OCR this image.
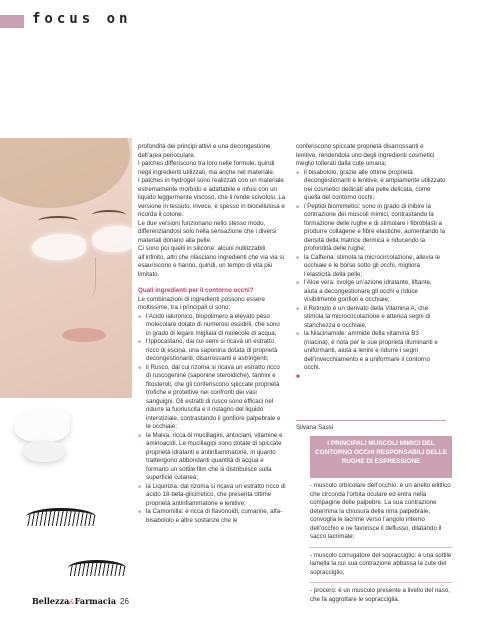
focus on

profondità dei principi attivi e una decongestione dell’area perioculare.

I patches differiscono tra loro nelle formule, quindi negli ingredienti utilizzati, ma anche nel materiale.

I patches in hydrogel sono realizzati con un materiale estremamente morbido e adattabile e infusi con un liquido leggermente viscoso, che li rende scivolosi. La versione in tessuto, invece, è spesso in biocellulosa e ricorda il cotone.

Le due versioni funzionano nello stesso modo, differenziandosi solo nella sensazione che i diversi materiali donano alla pelle.

Ci sono poi quelli in silicone: alcuni riutilizzabili all’infinito, altri che rilasciano ingredienti che via via si esauriscono e hanno, quindi, un tempo di vita più limitato.

Quali ingredienti per il contorno occhi?

Le combinazioni di ingredienti possono essere moltissime, tra i principali ci sono:

■ l’Acido ialuronico, biopolimero a elevato peso molecolare dotato di numerosi ossidrili, che sono in grado di legare migliaia di molecole di acqua;
■ l’Ippocastano, dai cui semi si ricava un estratto ricco di escina, una saponina dotata di proprietà decongestionanti, disarrossanti e astringenti;
■ il Rusco, dal cui rizoma si ricava un estratto ricco di ruscogenine (saponine steroidiche), tannini e fitosteroli, che gli conferiscono spiccate proprietà trofiche e protettive nei confronti dei vasi sanguigni. Gli estratti di rusco sono efficaci nel ridurre la fuoriuscita e il ristagno del liquido interstiziale, contrastando il gonfiore palpebrale e le occhiaie;
■ la Malva, ricca di mucillagini, antociani, vitamine e aminoacidi. Le mucillagini sono dotate di spiccate proprietà idratanti e antinfiammatorie, in quanto trattengono abbondanti quantità di acqua e formano un sottile film che si distribuisce sulla superficie cutanea;
■ la Liquirizia: dal rizoma si ricava un estratto ricco di acido 18-beta-glicirretico, che presenta ottime proprietà antinfiammatorie e lenitive;
■ la Camomilla: è ricca di flavonoidi, cumarine, alfa-bisabololo e altre sostanze che le

conferiscono spiccate proprietà disarrossanti e lenitive, rendendola uno degli ingredienti cosmetici meglio tollerati dalla cute umana;

■ il bisabololo, grazie alle ottime proprietà decongestionanti e lenitive, è ampiamente utilizzato nei cosmetici dedicati alla pelle delicata, come quella del contorno occhi;
■ i Peptidi biomimetici: sono in grado di inibire la contrazione dei muscoli mimici, contrastando la formazione delle rughe e di stimolare i fibroblasti a produrre collagene e fibre elastiche, aumentando la densità della matrice dermica e riducendo la profondità delle rughe;
■ la Caffeina: stimola la microcircolazione, allevia le occhiaie e le borse sotto gli occhi, migliora l’elasticità della pelle;
■ l’Aloe vera: svolge un’azione idratante, liftante, aiuta a decongestionare gli occhi e riduce visibilmente gonfiori e occhiaie;
■ il Retinolo è un derivato della Vitamina A, che stimola la microcircolazione e attenua segni di stanchezza e occhiaie;
■ la Niacinamide: ammide della vitamina B3 (niacina), è nota per le sue proprietà illuminanti e uniformanti, aiuta a lenire e ridurre i segni dell’invecchiamento e a uniformare il contorno occhi.
■
Silvana Sassi
I PRINCIPALI MUSCOLI MIMICI DEL CONTORNO OCCHI RESPONSABILI DELLE RUGHE DI ESPRESSIONE
- muscolo orbicolare dell’occhio: è un anello ellittico che circonda l’orbita oculare ed entra nella compagine delle palpebre. La sua contrazione determina la chiusura della rima palpebrale, convoglia le lacrime verso l’angolo interno dell’occhio e ne favorisce il deflusso, dilatando il sacco lacrimale;
- muscolo corrugatore del sopracciglio: è una sottile lamella la cui sua contrazione abbassa la cute del sopracciglio;
- procero: è un muscolo presente a livello del naso, che fa aggrottare le sopracciglia.
Bellezza&Farmacia 26
